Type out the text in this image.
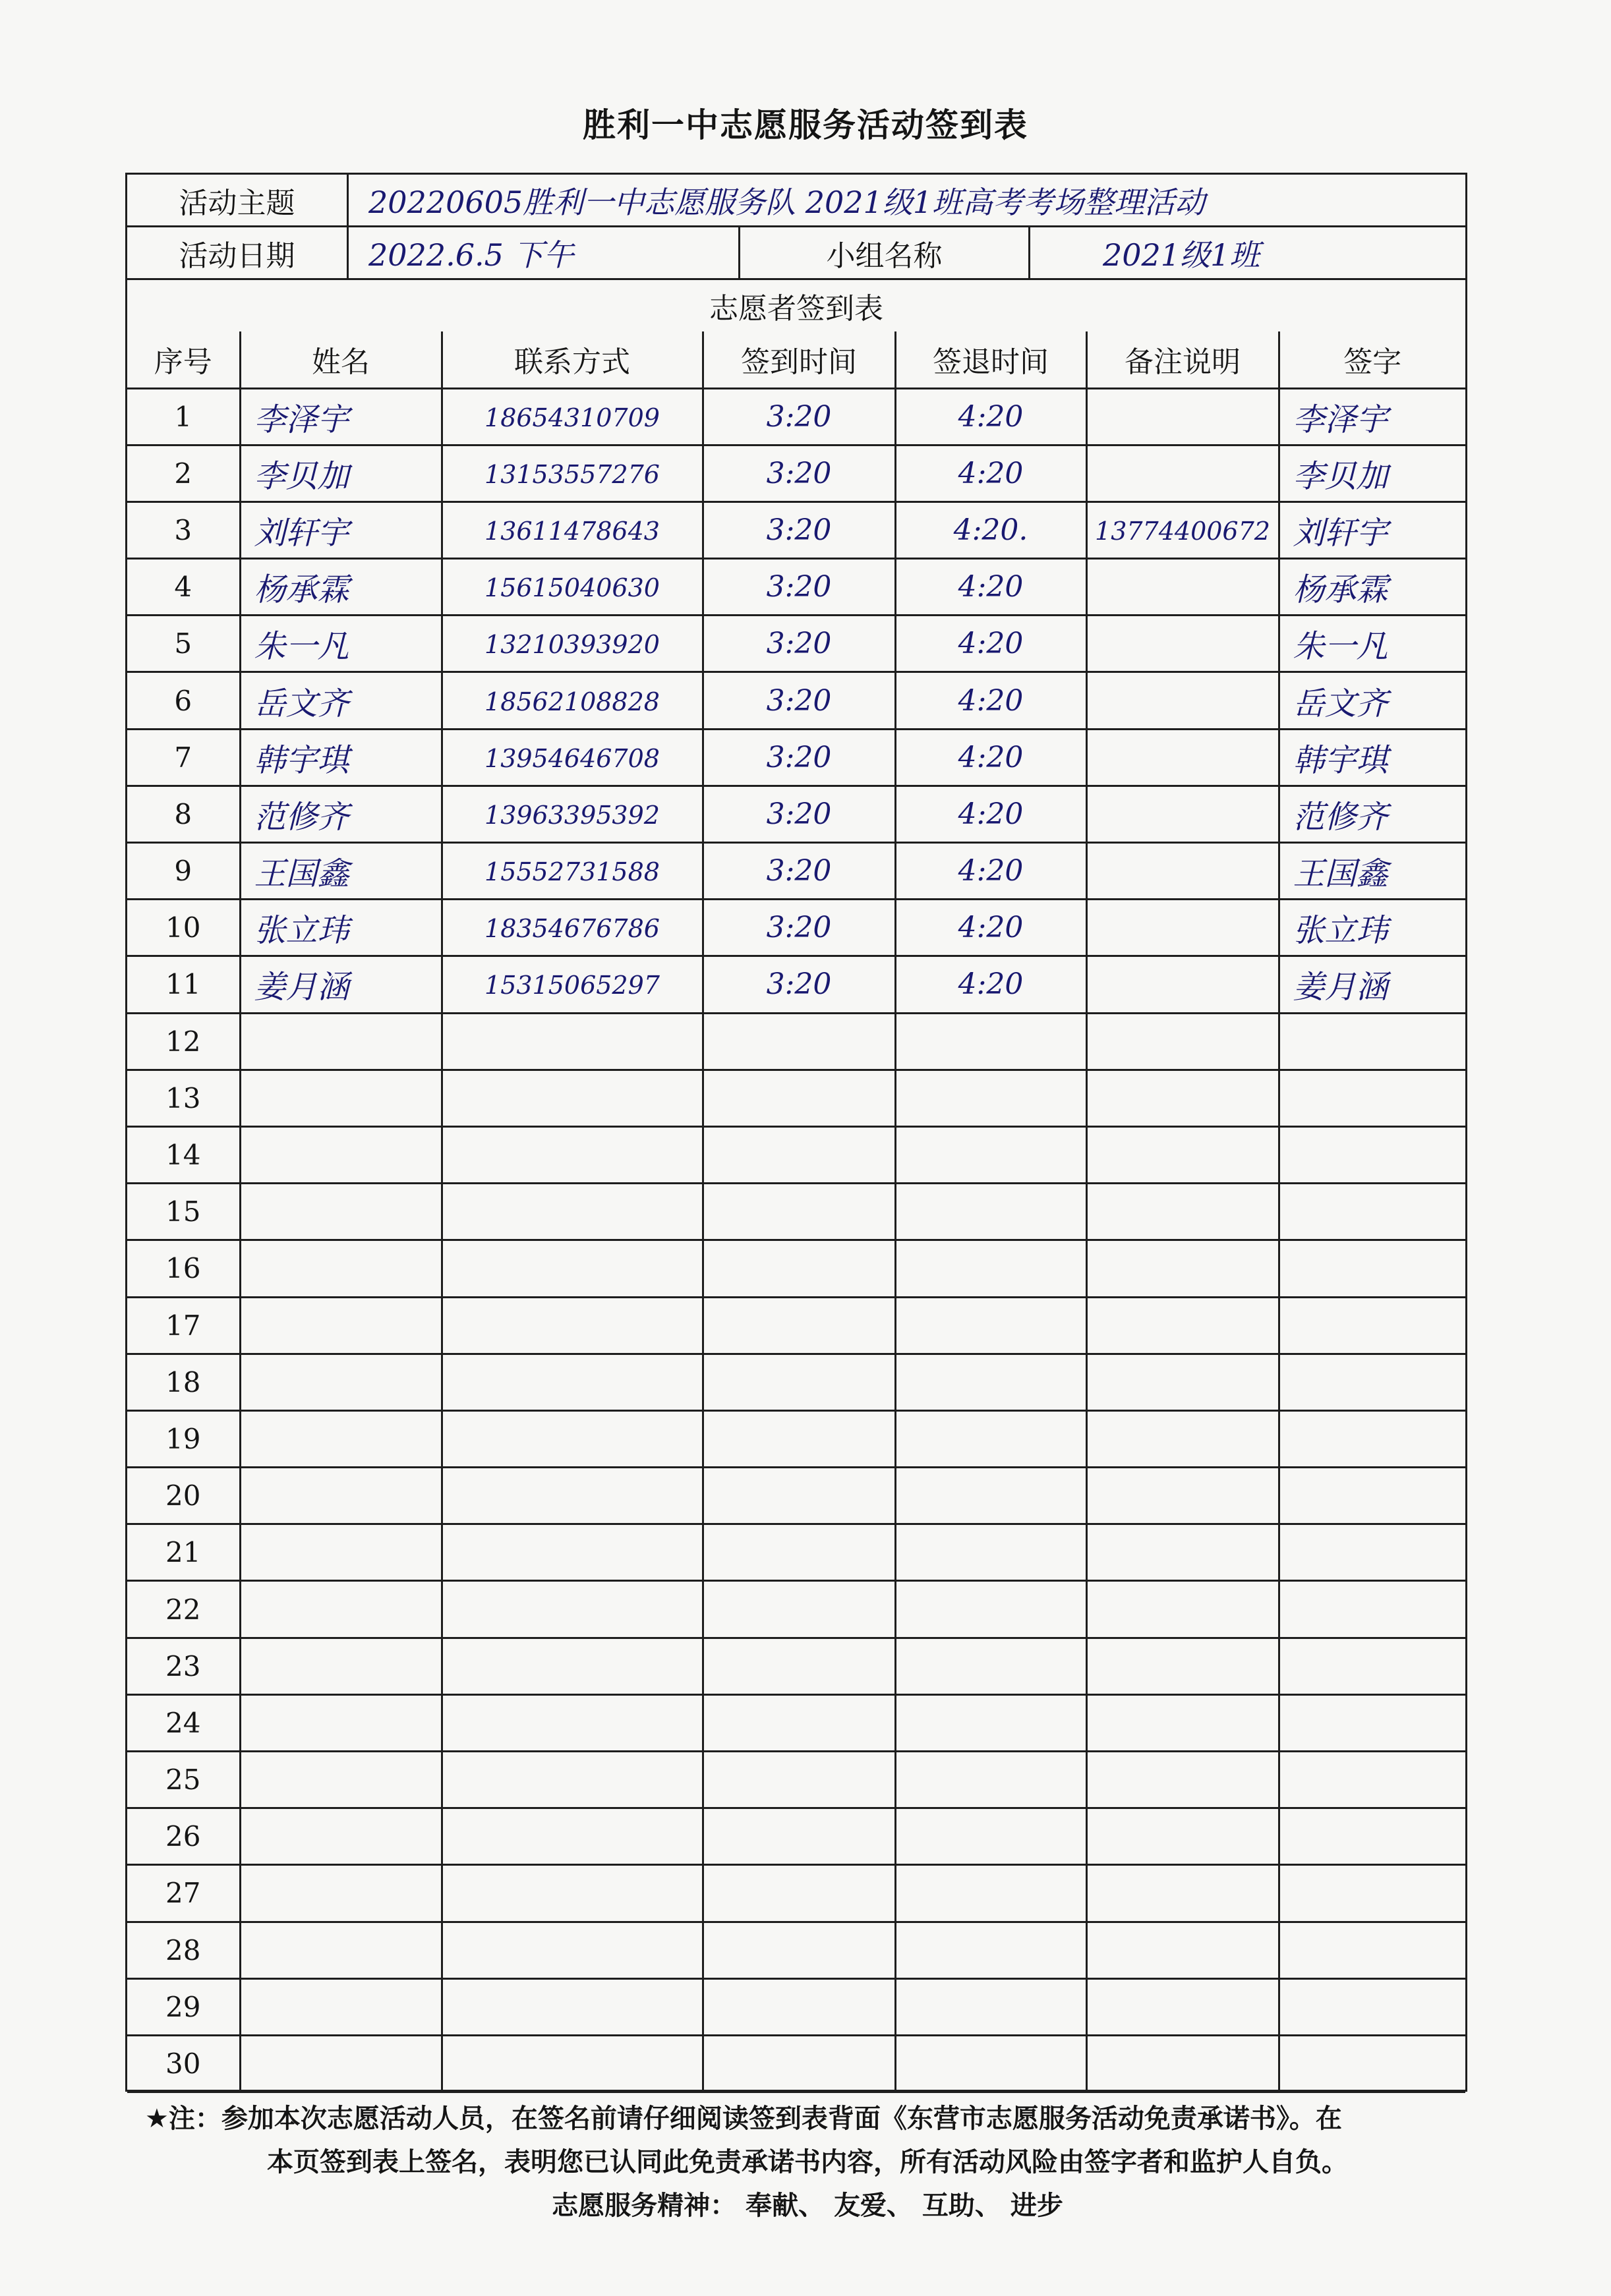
胜利一中志愿服务活动签到表
活动主题	20220605胜利一中志愿服务队 2021级1班高考考场整理活动
活动日期	2022.6.5 下午	小组名称	2021级1班
志愿者签到表
序号	姓名	联系方式	签到时间	签退时间	备注说明	签字
1	李泽宇	18654310709	3:20	4:20		李泽宇
2	李贝加	13153557276	3:20	4:20		李贝加
3	刘轩宇	13611478643	3:20	4:20.	13774400672	刘轩宇
4	杨承霖	15615040630	3:20	4:20		杨承霖
5	朱一凡	13210393920	3:20	4:20		朱一凡
6	岳文齐	18562108828	3:20	4:20		岳文齐
7	韩宇琪	13954646708	3:20	4:20		韩宇琪
8	范修齐	13963395392	3:20	4:20		范修齐
9	王国鑫	15552731588	3:20	4:20		王国鑫
10	张立玮	18354676786	3:20	4:20		张立玮
11	姜月涵	15315065297	3:20	4:20		姜月涵
12						
13						
14						
15						
16						
17						
18						
19						
20						
21						
22						
23						
24						
25						
26						
27						
28						
29						
30						
★注：参加本次志愿活动人员，在签名前请仔细阅读签到表背面《东营市志愿服务活动免责承诺书》。在
本页签到表上签名，表明您已认同此免责承诺书内容，所有活动风险由签字者和监护人自负。
志愿服务精神： 奉献、 友爱、 互助、 进步
